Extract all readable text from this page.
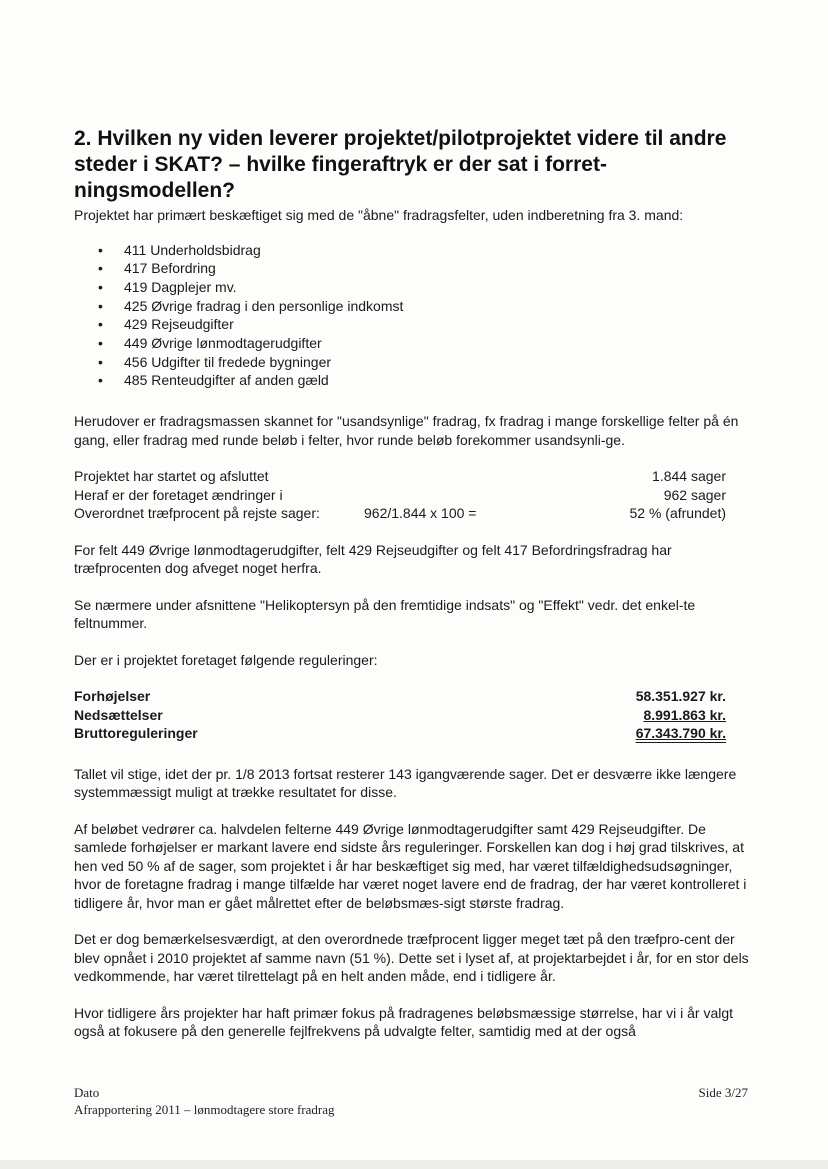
2. Hvilken ny viden leverer projektet/pilotprojektet videre til andre steder i SKAT? – hvilke fingeraftryk er der sat i forret-ningsmodellen?

Projektet har primært beskæftiget sig med de "åbne" fradragsfelter, uden indberetning fra 3. mand:

• 411 Underholdsbidrag
• 417 Befordring
• 419 Dagplejer mv.
• 425 Øvrige fradrag i den personlige indkomst
• 429 Rejseudgifter
• 449 Øvrige lønmodtagerudgifter
• 456 Udgifter til fredede bygninger
• 485 Renteudgifter af anden gæld

Herudover er fradragsmassen skannet for "usandsynlige" fradrag, fx fradrag i mange forskellige felter på én gang, eller fradrag med runde beløb i felter, hvor runde beløb forekommer usandsynli-ge.

Projektet har startet og afsluttet	1.844 sager
Heraf er der foretaget ændringer i	962 sager
Overordnet træfprocent på rejste sager:	962/1.844 x 100 =	52 % (afrundet)

For felt 449 Øvrige lønmodtagerudgifter, felt 429 Rejseudgifter og felt 417 Befordringsfradrag har træfprocenten dog afveget noget herfra.

Se nærmere under afsnittene "Helikoptersyn på den fremtidige indsats" og "Effekt" vedr. det enkel-te feltnummer.

Der er i projektet foretaget følgende reguleringer:

Forhøjelser	58.351.927 kr.
Nedsættelser	8.991.863 kr.
Bruttoreguleringer	67.343.790 kr.

Tallet vil stige, idet der pr. 1/8 2013 fortsat resterer 143 igangværende sager. Det er desværre ikke længere systemmæssigt muligt at trække resultatet for disse.

Af beløbet vedrører ca. halvdelen felterne 449 Øvrige lønmodtagerudgifter samt 429 Rejseudgifter. De samlede forhøjelser er markant lavere end sidste års reguleringer. Forskellen kan dog i høj grad tilskrives, at hen ved 50 % af de sager, som projektet i år har beskæftiget sig med, har været tilfældighedsudsøgninger, hvor de foretagne fradrag i mange tilfælde har været noget lavere end de fradrag, der har været kontrolleret i tidligere år, hvor man er gået målrettet efter de beløbsmæs-sigt største fradrag.

Det er dog bemærkelsesværdigt, at den overordnede træfprocent ligger meget tæt på den træfpro-cent der blev opnået i 2010 projektet af samme navn (51 %). Dette set i lyset af, at projektarbejdet i år, for en stor dels vedkommende, har været tilrettelagt på en helt anden måde, end i tidligere år.

Hvor tidligere års projekter har haft primær fokus på fradragenes beløbsmæssige størrelse, har vi i år valgt også at fokusere på den generelle fejlfrekvens på udvalgte felter, samtidig med at der også

Dato
Afrapportering 2011 – lønmodtagere store fradrag
Side 3/27
